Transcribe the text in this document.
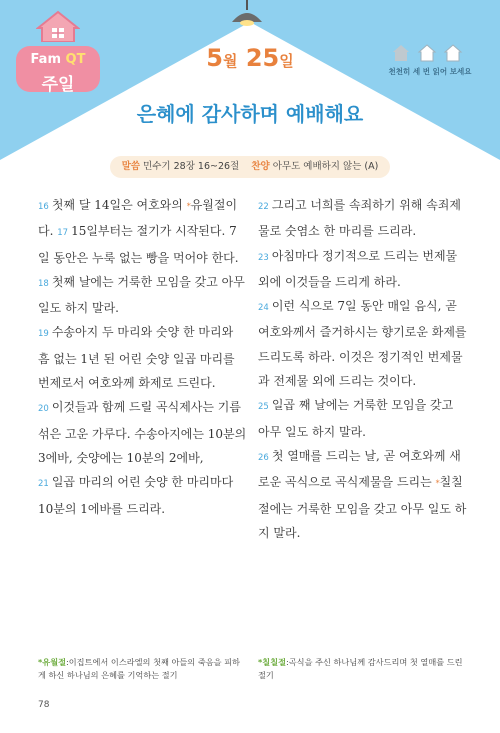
Fam QT
주일
5월 25일
천천히 세 번 읽어 보세요
은혜에 감사하며 예배해요
말씀 민수기 28장 16~26절 찬양 아무도 예배하지 않는 (A)

16 첫째 달 14일은 여호와의 *유월절이다. 17 15일부터는 절기가 시작된다. 7일 동안은 누룩 없는 빵을 먹어야 한다.

18 첫째 날에는 거룩한 모임을 갖고 아무 일도 하지 말라.

19 수송아지 두 마리와 숫양 한 마리와 흠 없는 1년 된 어린 숫양 일곱 마리를 번제로서 여호와께 화제로 드린다.

20 이것들과 함께 드릴 곡식제사는 기름 섞은 고운 가루다. 수송아지에는 10분의 3에바, 숫양에는 10분의 2에바,

21 일곱 마리의 어린 숫양 한 마리마다 10분의 1에바를 드리라.

22 그리고 너희를 속죄하기 위해 속죄제물로 숫염소 한 마리를 드리라.

23 아침마다 정기적으로 드리는 번제물 외에 이것들을 드리게 하라.

24 이런 식으로 7일 동안 매일 음식, 곧 여호와께서 즐거하시는 향기로운 화제를 드리도록 하라. 이것은 정기적인 번제물과 전제물 외에 드리는 것이다.

25 일곱 째 날에는 거룩한 모임을 갖고 아무 일도 하지 말라.

26 첫 열매를 드리는 날, 곧 여호와께 새로운 곡식으로 곡식제물을 드리는 *칠칠절에는 거룩한 모임을 갖고 아무 일도 하지 말라.

*유월절:이집트에서 이스라엘의 첫째 아들의 죽음을 피하게 하신 하나님의 은혜를 기억하는 절기
*칠칠절:곡식을 주신 하나님께 감사드리며 첫 열매를 드린 절기
78
